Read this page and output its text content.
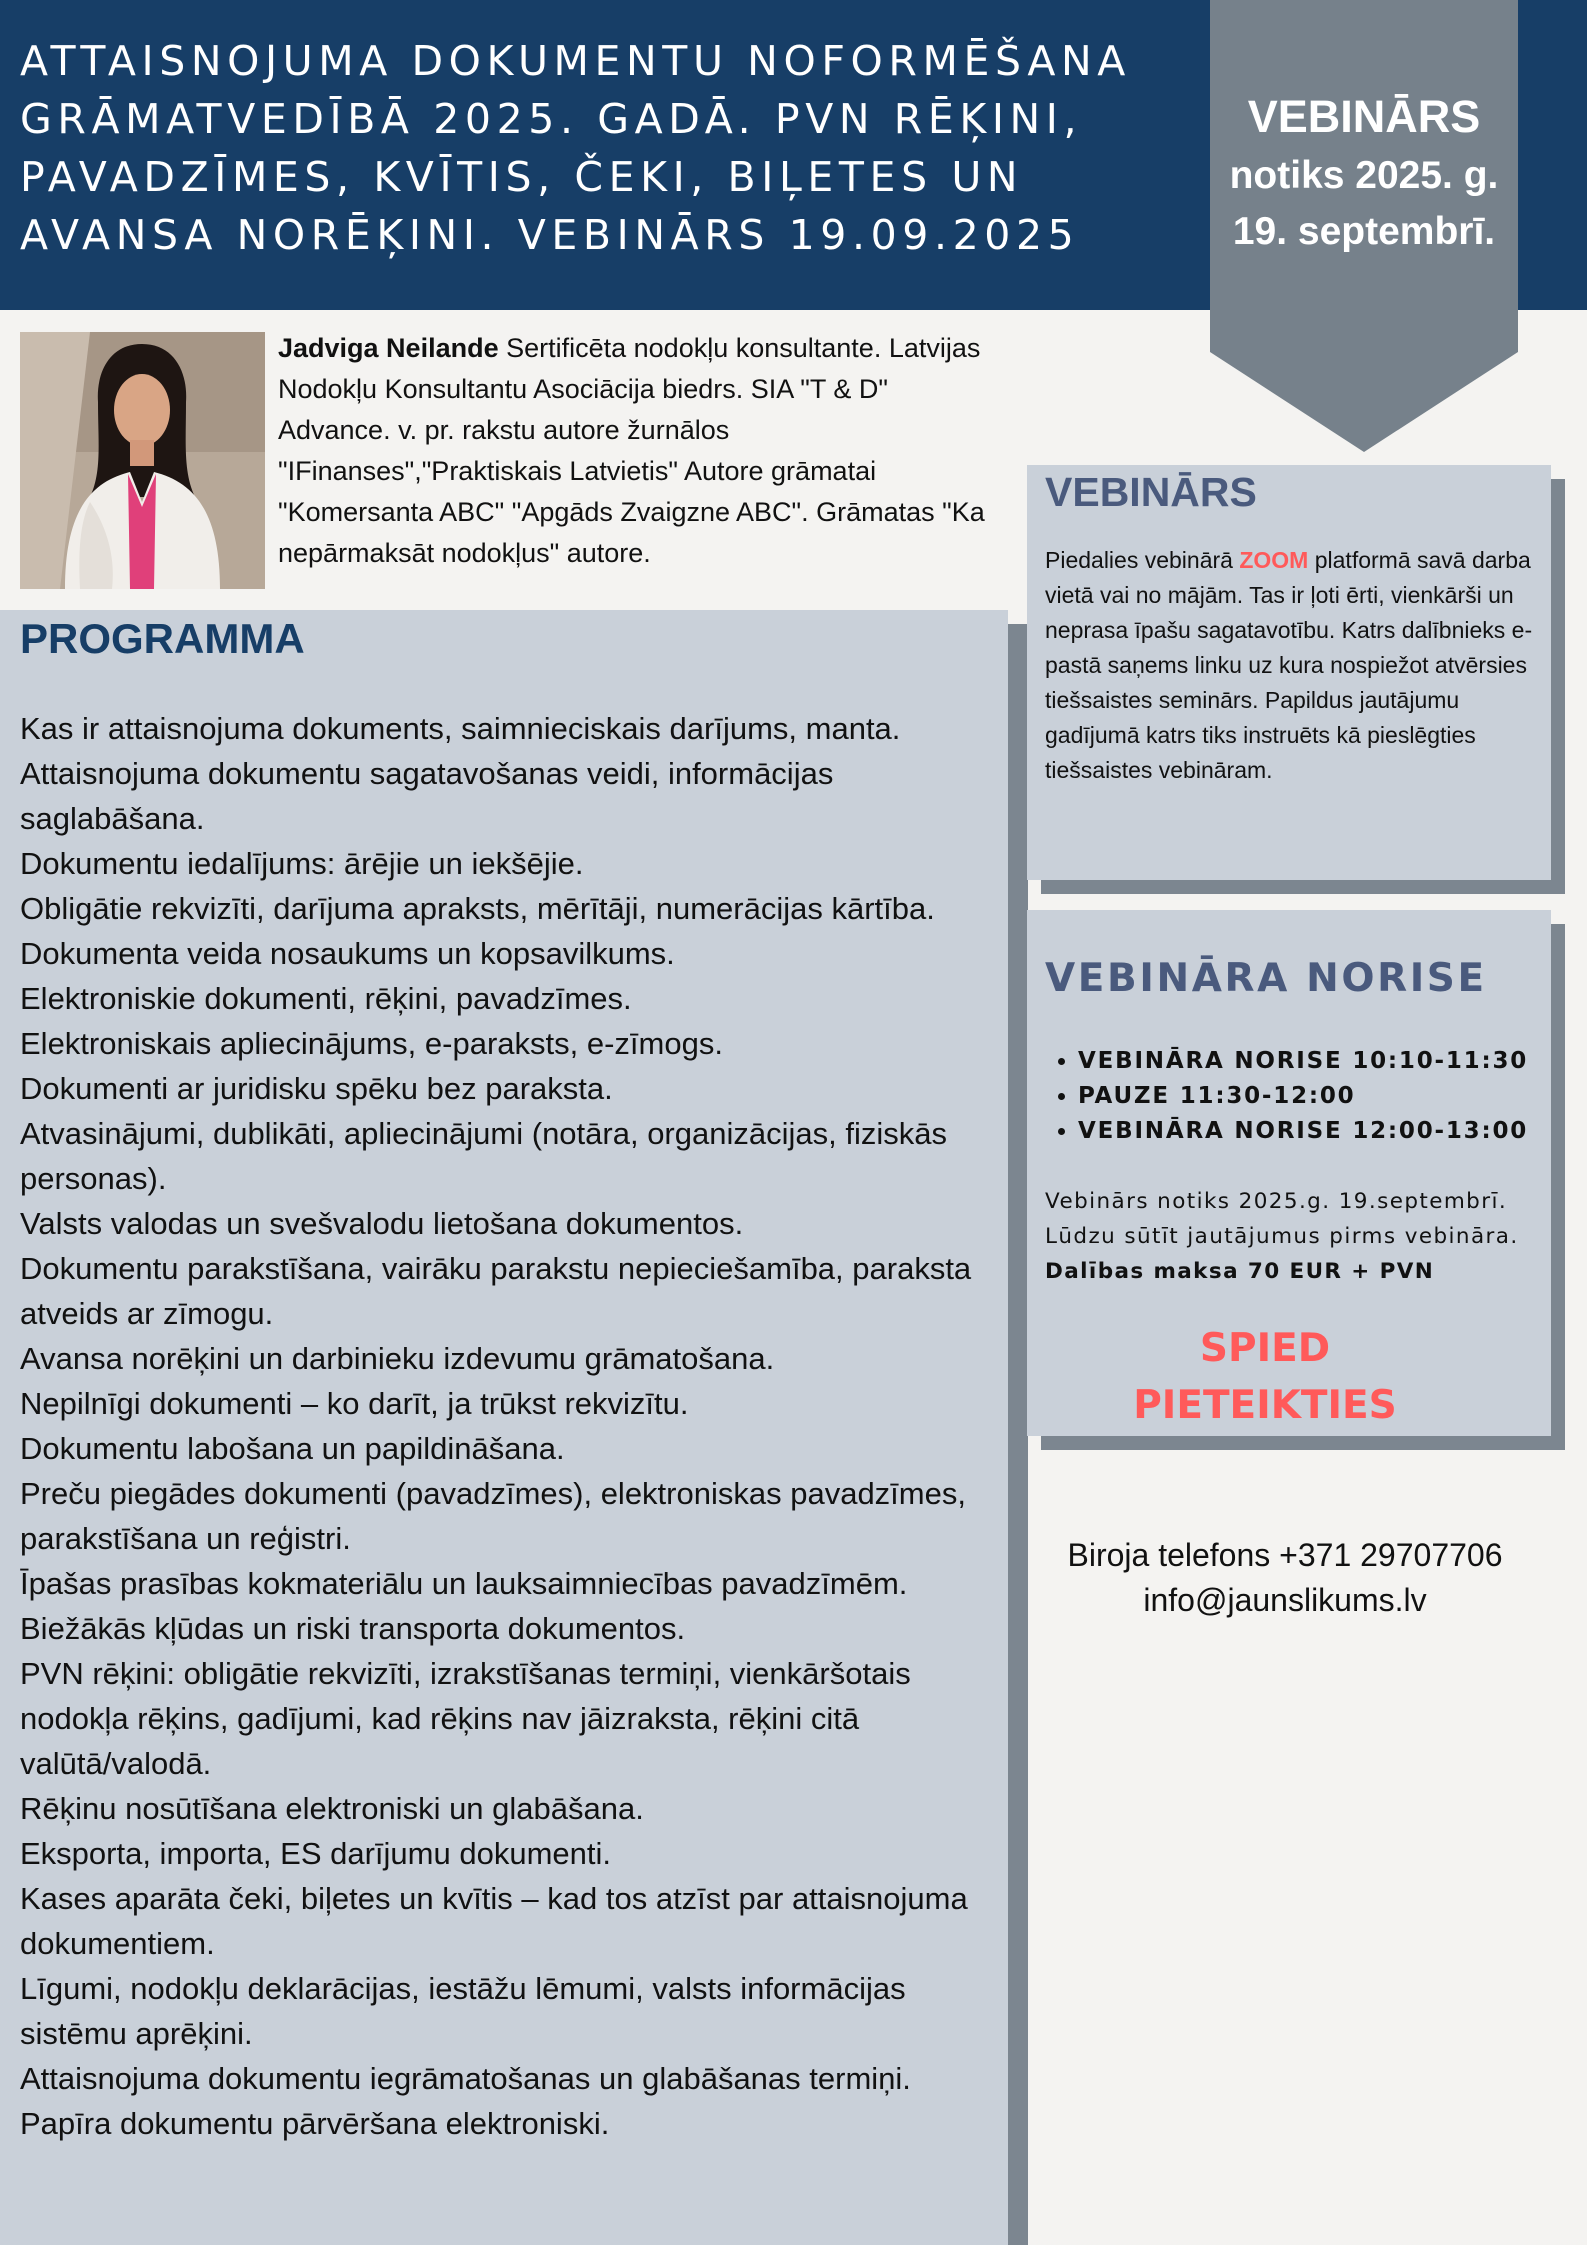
ATTAISNOJUMA DOKUMENTU NOFORMĒŠANA GRĀMATVEDĪBĀ 2025. GADĀ. PVN RĒĶINI, PAVADZĪMES, KVĪTIS, ČEKI, BIĻETES UN AVANSA NORĒĶINI. VEBINĀRS 19.09.2025
VEBINĀRS
notiks 2025. g.
19. septembrī.

Jadviga Neilande Sertificēta nodokļu konsultante. Latvijas Nodokļu Konsultantu Asociācija biedrs. SIA "T & D" Advance. v. pr. rakstu autore žurnālos "IFinanses","Praktiskais Latvietis" Autore grāmatai "Komersanta ABC" "Apgāds Zvaigzne ABC". Grāmatas "Ka nepārmaksāt nodokļus" autore.

PROGRAMMA
Kas ir attaisnojuma dokuments, saimnieciskais darījums, manta.
Attaisnojuma dokumentu sagatavošanas veidi, informācijas saglabāšana.
Dokumentu iedalījums: ārējie un iekšējie.
Obligātie rekvizīti, darījuma apraksts, mērītāji, numerācijas kārtība.
Dokumenta veida nosaukums un kopsavilkums.
Elektroniskie dokumenti, rēķini, pavadzīmes.
Elektroniskais apliecinājums, e-paraksts, e-zīmogs.
Dokumenti ar juridisku spēku bez paraksta.
Atvasinājumi, dublikāti, apliecinājumi (notāra, organizācijas, fiziskās personas).
Valsts valodas un svešvalodu lietošana dokumentos.
Dokumentu parakstīšana, vairāku parakstu nepieciešamība, paraksta atveids ar zīmogu.
Avansa norēķini un darbinieku izdevumu grāmatošana.
Nepilnīgi dokumenti – ko darīt, ja trūkst rekvizītu.
Dokumentu labošana un papildināšana.
Preču piegādes dokumenti (pavadzīmes), elektroniskas pavadzīmes, parakstīšana un reģistri.
Īpašas prasības kokmateriālu un lauksaimniecības pavadzīmēm.
Biežākās kļūdas un riski transporta dokumentos.
PVN rēķini: obligātie rekvizīti, izrakstīšanas termiņi, vienkāršotais nodokļa rēķins, gadījumi, kad rēķins nav jāizraksta, rēķini citā valūtā/valodā.
Rēķinu nosūtīšana elektroniski un glabāšana.
Eksporta, importa, ES darījumu dokumenti.
Kases aparāta čeki, biļetes un kvītis – kad tos atzīst par attaisnojuma dokumentiem.
Līgumi, nodokļu deklarācijas, iestāžu lēmumi, valsts informācijas sistēmu aprēķini.
Attaisnojuma dokumentu iegrāmatošanas un glabāšanas termiņi.
Papīra dokumentu pārvēršana elektroniski.
VEBINĀRS

Piedalies vebinārā ZOOM platformā savā darba vietā vai no mājām. Tas ir ļoti ērti, vienkārši un neprasa īpašu sagatavotību. Katrs dalībnieks e-pastā saņems linku uz kura nospiežot atvērsies tiešsaistes seminārs. Papildus jautājumu gadījumā katrs tiks instruēts kā pieslēgties tiešsaistes vebināram.

VEBINĀRA NORISE
• VEBINĀRA NORISE 10:10-11:30
• PAUZE 11:30-12:00
• VEBINĀRA NORISE 12:00-13:00

Vebinārs notiks 2025.g. 19.septembrī.
Lūdzu sūtīt jautājumus pirms vebināra.
Dalības maksa 70 EUR + PVN

SPIED
PIETEIKTIES
Biroja telefons +371 29707706
info@jaunslikums.lv
